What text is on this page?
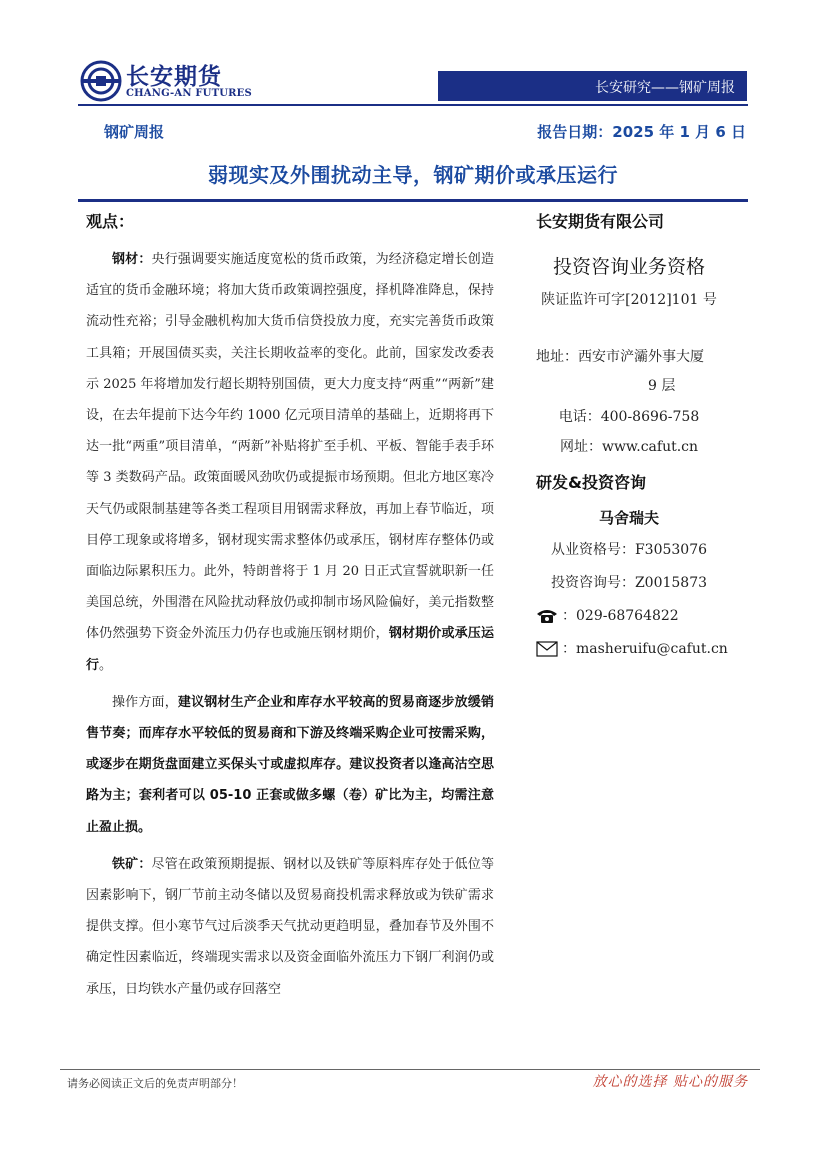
长安期货
CHANG-AN FUTURES	长安研究——钢矿周报
钢矿周报	报告日期：2025 年 1 月 6 日
弱现实及外围扰动主导，钢矿期价或承压运行
观点：

钢材：央行强调要实施适度宽松的货币政策，为经济稳定增长创造适宜的货币金融环境；将加大货币政策调控强度，择机降准降息，保持流动性充裕；引导金融机构加大货币信贷投放力度，充实完善货币政策工具箱；开展国债买卖，关注长期收益率的变化。此前，国家发改委表示 2025 年将增加发行超长期特别国债，更大力度支持“两重”“两新”建设，在去年提前下达今年约 1000 亿元项目清单的基础上，近期将再下达一批“两重”项目清单，“两新”补贴将扩至手机、平板、智能手表手环等 3 类数码产品。政策面暖风劲吹仍或提振市场预期。但北方地区寒冷天气仍或限制基建等各类工程项目用钢需求释放，再加上春节临近，项目停工现象或将增多，钢材现实需求整体仍或承压，钢材库存整体仍或面临边际累积压力。此外，特朗普将于 1 月 20 日正式宣誓就职新一任美国总统，外围潜在风险扰动释放仍或抑制市场风险偏好，美元指数整体仍然强势下资金外流压力仍存也或施压钢材期价，钢材期价或承压运行。

操作方面，建议钢材生产企业和库存水平较高的贸易商逐步放缓销售节奏；而库存水平较低的贸易商和下游及终端采购企业可按需采购，或逐步在期货盘面建立买保头寸或虚拟库存。建议投资者以逢高沽空思路为主；套利者可以 05-10 正套或做多螺（卷）矿比为主，均需注意止盈止损。

铁矿：尽管在政策预期提振、钢材以及铁矿等原料库存处于低位等因素影响下，钢厂节前主动冬储以及贸易商投机需求释放或为铁矿需求提供支撑。但小寒节气过后淡季天气扰动更趋明显，叠加春节及外围不确定性因素临近，终端现实需求以及资金面临外流压力下钢厂利润仍或承压，日均铁水产量仍或存回落空

长安期货有限公司
投资咨询业务资格
陕证监许可字[2012]101 号
地址：西安市浐灞外事大厦
9 层
电话：400-8696-758
网址：www.cafut.cn
研发&投资咨询
马舍瑞夫
从业资格号：F3053076
投资咨询号：Z0015873
：029-68764822
：masheruifu@cafut.cn
请务必阅读正文后的免责声明部分！	放心的选择 贴心的服务
